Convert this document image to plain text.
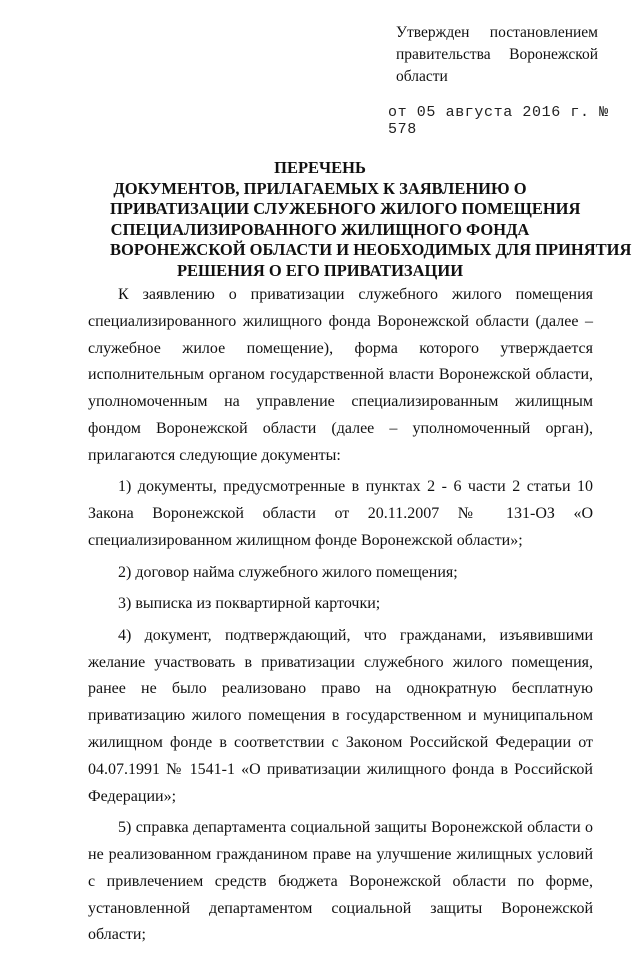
Утвержден постановлением
правительства Воронежской
области
от 05 августа 2016 г. № 578
ПЕРЕЧЕНЬ
ДОКУМЕНТОВ, ПРИЛАГАЕМЫХ К ЗАЯВЛЕНИЮ О
ПРИВАТИЗАЦИИ СЛУЖЕБНОГО ЖИЛОГО ПОМЕЩЕНИЯ
СПЕЦИАЛИЗИРОВАННОГО ЖИЛИЩНОГО ФОНДА
ВОРОНЕЖСКОЙ ОБЛАСТИ И НЕОБХОДИМЫХ ДЛЯ ПРИНЯТИЯ
РЕШЕНИЯ О ЕГО ПРИВАТИЗАЦИИ

К заявлению о приватизации служебного жилого помещения специализированного жилищного фонда Воронежской области (далее – служебное жилое помещение), форма которого утверждается исполнительным органом государственной власти Воронежской области, уполномоченным на управление специализированным жилищным фондом Воронежской области (далее – уполномоченный орган), прилагаются следующие документы:

1) документы, предусмотренные в пунктах 2 - 6 части 2 статьи 10 Закона Воронежской области от 20.11.2007 № 131-ОЗ «О специализированном жилищном фонде Воронежской области»;

2) договор найма служебного жилого помещения;

3) выписка из поквартирной карточки;

4) документ, подтверждающий, что гражданами, изъявившими желание участвовать в приватизации служебного жилого помещения, ранее не было реализовано право на однократную бесплатную приватизацию жилого помещения в государственном и муниципальном жилищном фонде в соответствии с Законом Российской Федерации от 04.07.1991 № 1541-1 «О приватизации жилищного фонда в Российской Федерации»;

5) справка департамента социальной защиты Воронежской области о не реализованном гражданином праве на улучшение жилищных условий с привлечением средств бюджета Воронежской области по форме, установленной департаментом социальной защиты Воронежской области;
